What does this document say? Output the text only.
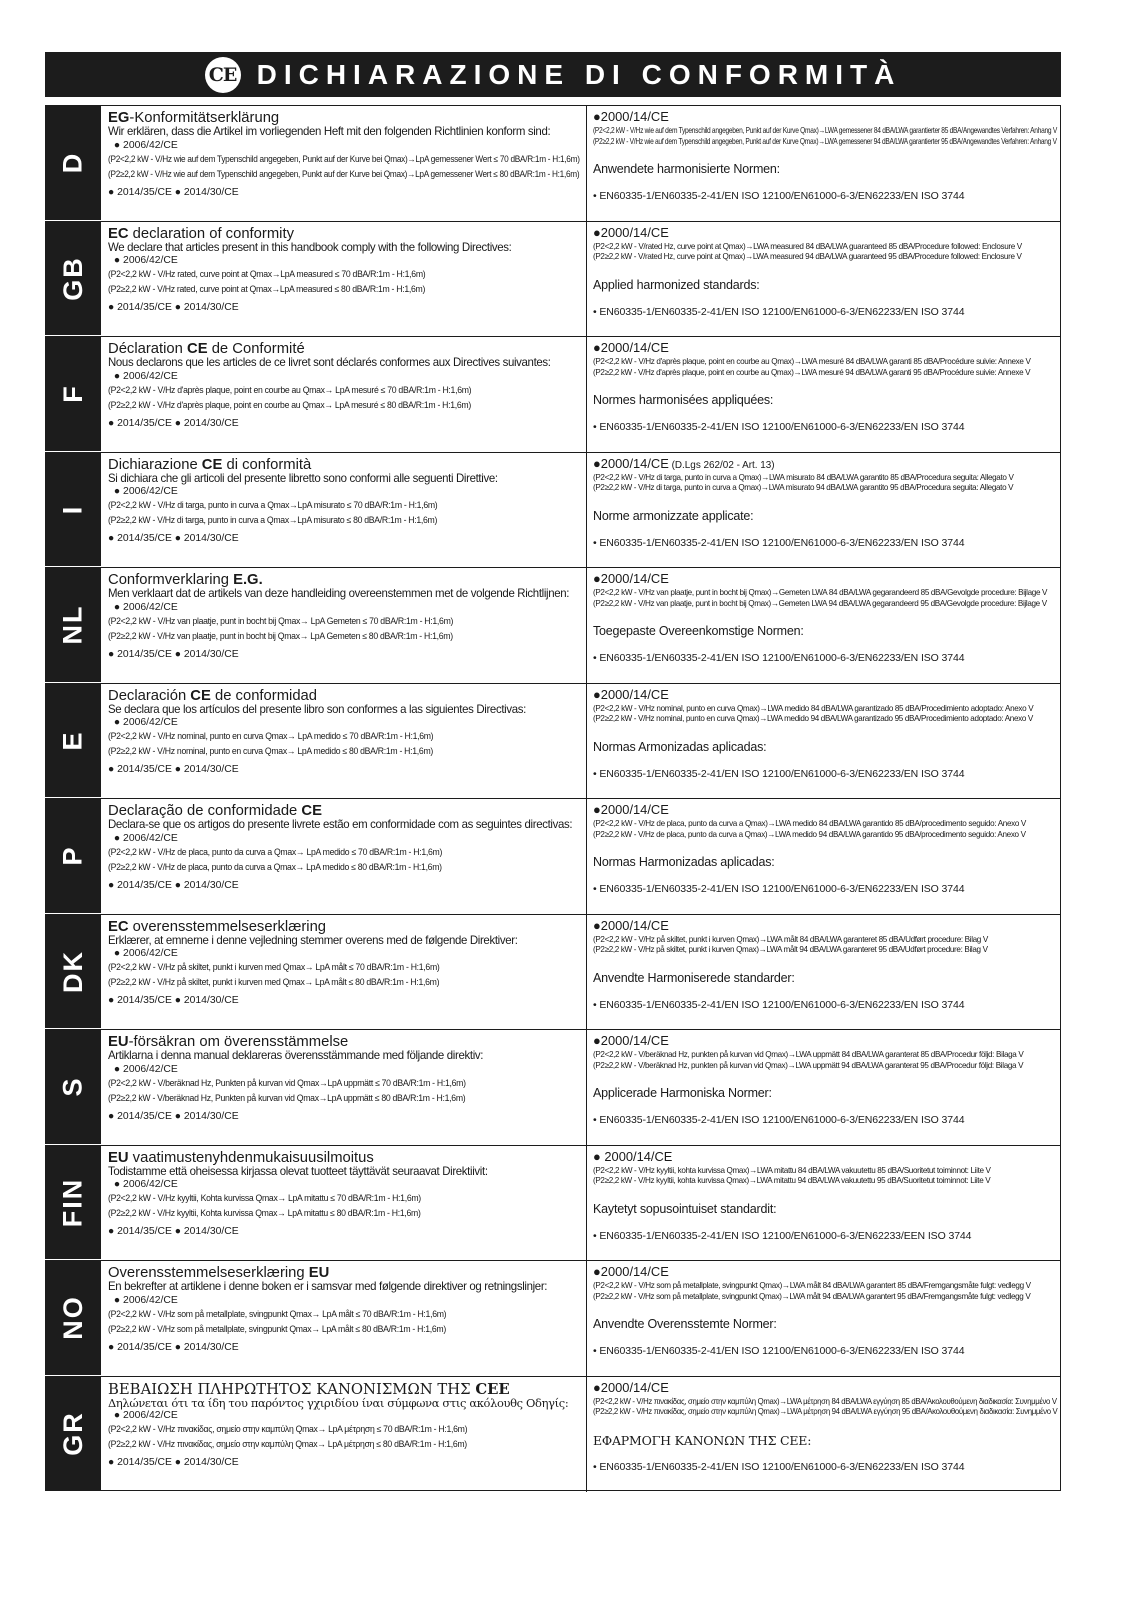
CE DICHIARAZIONE DI CONFORMITÀ
D
EG-Konformitätserklärung
Wir erklären, dass die Artikel im vorliegenden Heft mit den folgenden Richtlinien konform sind:
● 2006/42/CE
(P2<2,2 kW - V/Hz wie auf dem Typenschild angegeben, Punkt auf der Kurve bei Qmax)→LpA gemessener Wert ≤ 70 dBA/R:1m - H:1,6m)
(P2≥2,2 kW - V/Hz wie auf dem Typenschild angegeben, Punkt auf der Kurve bei Qmax)→LpA gemessener Wert ≤ 80 dBA/R:1m - H:1,6m)
● 2014/35/CE ● 2014/30/CE
●2000/14/CE
(P2<2,2 kW - V/Hz wie auf dem Typenschild angegeben, Punkt auf der Kurve Qmax)→LWA gemessener 84 dBA/LWA garantierter 85 dBA/Angewandtes Verfahren: Anhang V
(P2≥2,2 kW - V/Hz wie auf dem Typenschild angegeben, Punkt auf der Kurve Qmax)→LWA gemessener 94 dBA/LWA garantierter 95 dBA/Angewandtes Verfahren: Anhang V
Anwendete harmonisierte Normen:
• EN60335-1/EN60335-2-41/EN ISO 12100/EN61000-6-3/EN62233/EN ISO 3744
GB
EC declaration of conformity
We declare that articles present in this handbook comply with the following Directives:
● 2006/42/CE
(P2<2,2 kW - V/Hz rated, curve point at Qmax→LpA measured ≤ 70 dBA/R:1m - H:1,6m)
(P2≥2,2 kW - V/Hz rated, curve point at Qmax→LpA measured ≤ 80 dBA/R:1m - H:1,6m)
● 2014/35/CE ● 2014/30/CE
●2000/14/CE
(P2<2,2 kW - V/rated Hz, curve point at Qmax)→LWA measured 84 dBA/LWA guaranteed 85 dBA/Procedure followed: Enclosure V
(P2≥2,2 kW - V/rated Hz, curve point at Qmax)→LWA measured 94 dBA/LWA guaranteed 95 dBA/Procedure followed: Enclosure V
Applied harmonized standards:
• EN60335-1/EN60335-2-41/EN ISO 12100/EN61000-6-3/EN62233/EN ISO 3744
F
Déclaration CE de Conformité
Nous declarons que les articles de ce livret sont déclarés conformes aux Directives suivantes:
● 2006/42/CE
(P2<2,2 kW - V/Hz d'après plaque, point en courbe au Qmax→ LpA mesuré ≤ 70 dBA/R:1m - H:1,6m)
(P2≥2,2 kW - V/Hz d'après plaque, point en courbe au Qmax→ LpA mesuré ≤ 80 dBA/R:1m - H:1,6m)
● 2014/35/CE ● 2014/30/CE
●2000/14/CE
(P2<2,2 kW - V/Hz d'après plaque, point en courbe au Qmax)→LWA mesuré 84 dBA/LWA garanti 85 dBA/Procédure suivie: Annexe V
(P2≥2,2 kW - V/Hz d'après plaque, point en courbe au Qmax)→LWA mesuré 94 dBA/LWA garanti 95 dBA/Procédure suivie: Annexe V
Normes harmonisées appliquées:
• EN60335-1/EN60335-2-41/EN ISO 12100/EN61000-6-3/EN62233/EN ISO 3744
I
Dichiarazione CE di conformità
Si dichiara che gli articoli del presente libretto sono conformi alle seguenti Direttive:
● 2006/42/CE
(P2<2,2 kW - V/Hz di targa, punto in curva a Qmax→LpA misurato ≤ 70 dBA/R:1m - H:1,6m)
(P2≥2,2 kW - V/Hz di targa, punto in curva a Qmax→LpA misurato ≤ 80 dBA/R:1m - H:1,6m)
● 2014/35/CE ● 2014/30/CE
●2000/14/CE (D.Lgs 262/02 - Art. 13)
(P2<2,2 kW - V/Hz di targa, punto in curva a Qmax)→LWA misurato 84 dBA/LWA garantito 85 dBA/Procedura seguita: Allegato V
(P2≥2,2 kW - V/Hz di targa, punto in curva a Qmax)→LWA misurato 94 dBA/LWA garantito 95 dBA/Procedura seguita: Allegato V
Norme armonizzate applicate:
• EN60335-1/EN60335-2-41/EN ISO 12100/EN61000-6-3/EN62233/EN ISO 3744
NL
Conformverklaring E.G.
Men verklaart dat de artikels van deze handleiding overeenstemmen met de volgende Richtlijnen:
● 2006/42/CE
(P2<2,2 kW - V/Hz van plaatje, punt in bocht bij Qmax→ LpA Gemeten ≤ 70 dBA/R:1m - H:1,6m)
(P2≥2,2 kW - V/Hz van plaatje, punt in bocht bij Qmax→ LpA Gemeten ≤ 80 dBA/R:1m - H:1,6m)
● 2014/35/CE ● 2014/30/CE
●2000/14/CE
(P2<2,2 kW - V/Hz van plaatje, punt in bocht bij Qmax)→Gemeten LWA 84 dBA/LWA gegarandeerd 85 dBA/Gevolgde procedure: Bijlage V
(P2≥2,2 kW - V/Hz van plaatje, punt in bocht bij Qmax)→Gemeten LWA 94 dBA/LWA gegarandeerd 95 dBA/Gevolgde procedure: Bijlage V
Toegepaste Overeenkomstige Normen:
• EN60335-1/EN60335-2-41/EN ISO 12100/EN61000-6-3/EN62233/EN ISO 3744
E
Declaración CE de conformidad
Se declara que los artículos del presente libro son conformes a las siguientes Directivas:
● 2006/42/CE
(P2<2,2 kW - V/Hz nominal, punto en curva Qmax→ LpA medido ≤ 70 dBA/R:1m - H:1,6m)
(P2≥2,2 kW - V/Hz nominal, punto en curva Qmax→ LpA medido ≤ 80 dBA/R:1m - H:1,6m)
● 2014/35/CE ● 2014/30/CE
●2000/14/CE
(P2<2,2 kW - V/Hz nominal, punto en curva Qmax)→LWA medido 84 dBA/LWA garantizado 85 dBA/Procedimiento adoptado: Anexo V
(P2≥2,2 kW - V/Hz nominal, punto en curva Qmax)→LWA medido 94 dBA/LWA garantizado 95 dBA/Procedimiento adoptado: Anexo V
Normas Armonizadas aplicadas:
• EN60335-1/EN60335-2-41/EN ISO 12100/EN61000-6-3/EN62233/EN ISO 3744
P
Declaração de conformidade CE
Declara-se que os artigos do presente livrete estão em conformidade com as seguintes directivas:
● 2006/42/CE
(P2<2,2 kW - V/Hz de placa, punto da curva a Qmax→ LpA medido ≤ 70 dBA/R:1m - H:1,6m)
(P2≥2,2 kW - V/Hz de placa, punto da curva a Qmax→ LpA medido ≤ 80 dBA/R:1m - H:1,6m)
● 2014/35/CE ● 2014/30/CE
●2000/14/CE
(P2<2,2 kW - V/Hz de placa, punto da curva a Qmax)→LWA medido 84 dBA/LWA garantido 85 dBA/procedimento seguido: Anexo V
(P2≥2,2 kW - V/Hz de placa, punto da curva a Qmax)→LWA medido 94 dBA/LWA garantido 95 dBA/procedimento seguido: Anexo V
Normas Harmonizadas aplicadas:
• EN60335-1/EN60335-2-41/EN ISO 12100/EN61000-6-3/EN62233/EN ISO 3744
DK
EC overensstemmelseserklæring
Erklærer, at emnerne i denne vejledning stemmer overens med de følgende Direktiver:
● 2006/42/CE
(P2<2,2 kW - V/Hz på skiltet, punkt i kurven med Qmax→ LpA målt ≤ 70 dBA/R:1m - H:1,6m)
(P2≥2,2 kW - V/Hz på skiltet, punkt i kurven med Qmax→ LpA målt ≤ 80 dBA/R:1m - H:1,6m)
● 2014/35/CE ● 2014/30/CE
●2000/14/CE
(P2<2,2 kW - V/Hz på skiltet, punkt i kurven Qmax)→LWA målt 84 dBA/LWA garanteret 85 dBA/Udført procedure: Bilag V
(P2≥2,2 kW - V/Hz på skiltet, punkt i kurven Qmax)→LWA målt 94 dBA/LWA garanteret 95 dBA/Udført procedure: Bilag V
Anvendte Harmoniserede standarder:
• EN60335-1/EN60335-2-41/EN ISO 12100/EN61000-6-3/EN62233/EN ISO 3744
S
EU-försäkran om överensstämmelse
Artiklarna i denna manual deklareras överensstämmande med följande direktiv:
● 2006/42/CE
(P2<2,2 kW - V/beräknad Hz, Punkten på kurvan vid Qmax→LpA uppmätt ≤ 70 dBA/R:1m - H:1,6m)
(P2≥2,2 kW - V/beräknad Hz, Punkten på kurvan vid Qmax→LpA uppmätt ≤ 80 dBA/R:1m - H:1,6m)
● 2014/35/CE ● 2014/30/CE
●2000/14/CE
(P2<2,2 kW - V/beräknad Hz, punkten på kurvan vid Qmax)→LWA uppmätt 84 dBA/LWA garanterat 85 dBA/Procedur följd: Bilaga V
(P2≥2,2 kW - V/beräknad Hz, punkten på kurvan vid Qmax)→LWA uppmätt 94 dBA/LWA garanterat 95 dBA/Procedur följd: Bilaga V
Applicerade Harmoniska Normer:
• EN60335-1/EN60335-2-41/EN ISO 12100/EN61000-6-3/EN62233/EN ISO 3744
FIN
EU vaatimustenyhdenmukaisuusilmoitus
Todistamme että oheisessa kirjassa olevat tuotteet täyttävät seuraavat Direktiivit:
● 2006/42/CE
(P2<2,2 kW - V/Hz kyyltii, Kohta kurvissa Qmax→ LpA mitattu ≤ 70 dBA/R:1m - H:1,6m)
(P2≥2,2 kW - V/Hz kyyltii, Kohta kurvissa Qmax→ LpA mitattu ≤ 80 dBA/R:1m - H:1,6m)
● 2014/35/CE ● 2014/30/CE
● 2000/14/CE
(P2<2,2 kW - V/Hz kyyltii, kohta kurvissa Qmax)→LWA mitattu 84 dBA/LWA vakuutettu 85 dBA/Suoritetut toiminnot: Liite V
(P2≥2,2 kW - V/Hz kyyltii, kohta kurvissa Qmax)→LWA mitattu 94 dBA/LWA vakuutettu 95 dBA/Suoritetut toiminnot: Liite V
Kaytetyt sopusointuiset standardit:
• EN60335-1/EN60335-2-41/EN ISO 12100/EN61000-6-3/EN62233/EEN ISO 3744
NO
Overensstemmelseserklæring EU
En bekrefter at artiklene i denne boken er i samsvar med følgende direktiver og retningslinjer:
● 2006/42/CE
(P2<2,2 kW - V/Hz som på metallplate, svingpunkt Qmax→ LpA målt ≤ 70 dBA/R:1m - H:1,6m)
(P2≥2,2 kW - V/Hz som på metallplate, svingpunkt Qmax→ LpA målt ≤ 80 dBA/R:1m - H:1,6m)
● 2014/35/CE ● 2014/30/CE
●2000/14/CE
(P2<2,2 kW - V/Hz som på metallplate, svingpunkt Qmax)→LWA målt 84 dBA/LWA garantert 85 dBA/Fremgangsmåte fulgt: vedlegg V
(P2≥2,2 kW - V/Hz som på metallplate, svingpunkt Qmax)→LWA målt 94 dBA/LWA garantert 95 dBA/Fremgangsmåte fulgt: vedlegg V
Anvendte Overensstemte Normer:
• EN60335-1/EN60335-2-41/EN ISO 12100/EN61000-6-3/EN62233/EN ISO 3744
GR
ΒΕΒΑΙΩΣΗ ΠΛΗΡΩΤΗΤΟΣ ΚΑΝΟΝΙΣΜΩΝ ΤΗΣ CEE
Δηλώνεται ότι τα ίδη του παρόντος γχιριδίου ίναι σύμφωνα στις ακόλουθς Οδηγίς:
● 2006/42/CE
(P2<2,2 kW - V/Hz πινακίδας, σημείο στην καμπύλη Qmax→ LpA μέτρηση ≤ 70 dBA/R:1m - H:1,6m)
(P2≥2,2 kW - V/Hz πινακίδας, σημείο στην καμπύλη Qmax→ LpA μέτρηση ≤ 80 dBA/R:1m - H:1,6m)
● 2014/35/CE ● 2014/30/CE
●2000/14/CE
(P2<2,2 kW - V/Hz πινακίδας, σημείο στην καμπύλη Qmax)→LWA μέτρηση 84 dBA/LWA εγγύηση 85 dBA/Ακολουθούμενη διαδικασία: Συνημμένο V
(P2≥2,2 kW - V/Hz πινακίδας, σημείο στην καμπύλη Qmax)→LWA μέτρηση 94 dBA/LWA εγγύηση 95 dBA/Ακολουθούμενη διαδικασία: Συνημμένο V
ΕΦΑΡΜΟΓΗ ΚΑΝΟΝΩΝ ΤΗΣ CEE:
• EN60335-1/EN60335-2-41/EN ISO 12100/EN61000-6-3/EN62233/EN ISO 3744
